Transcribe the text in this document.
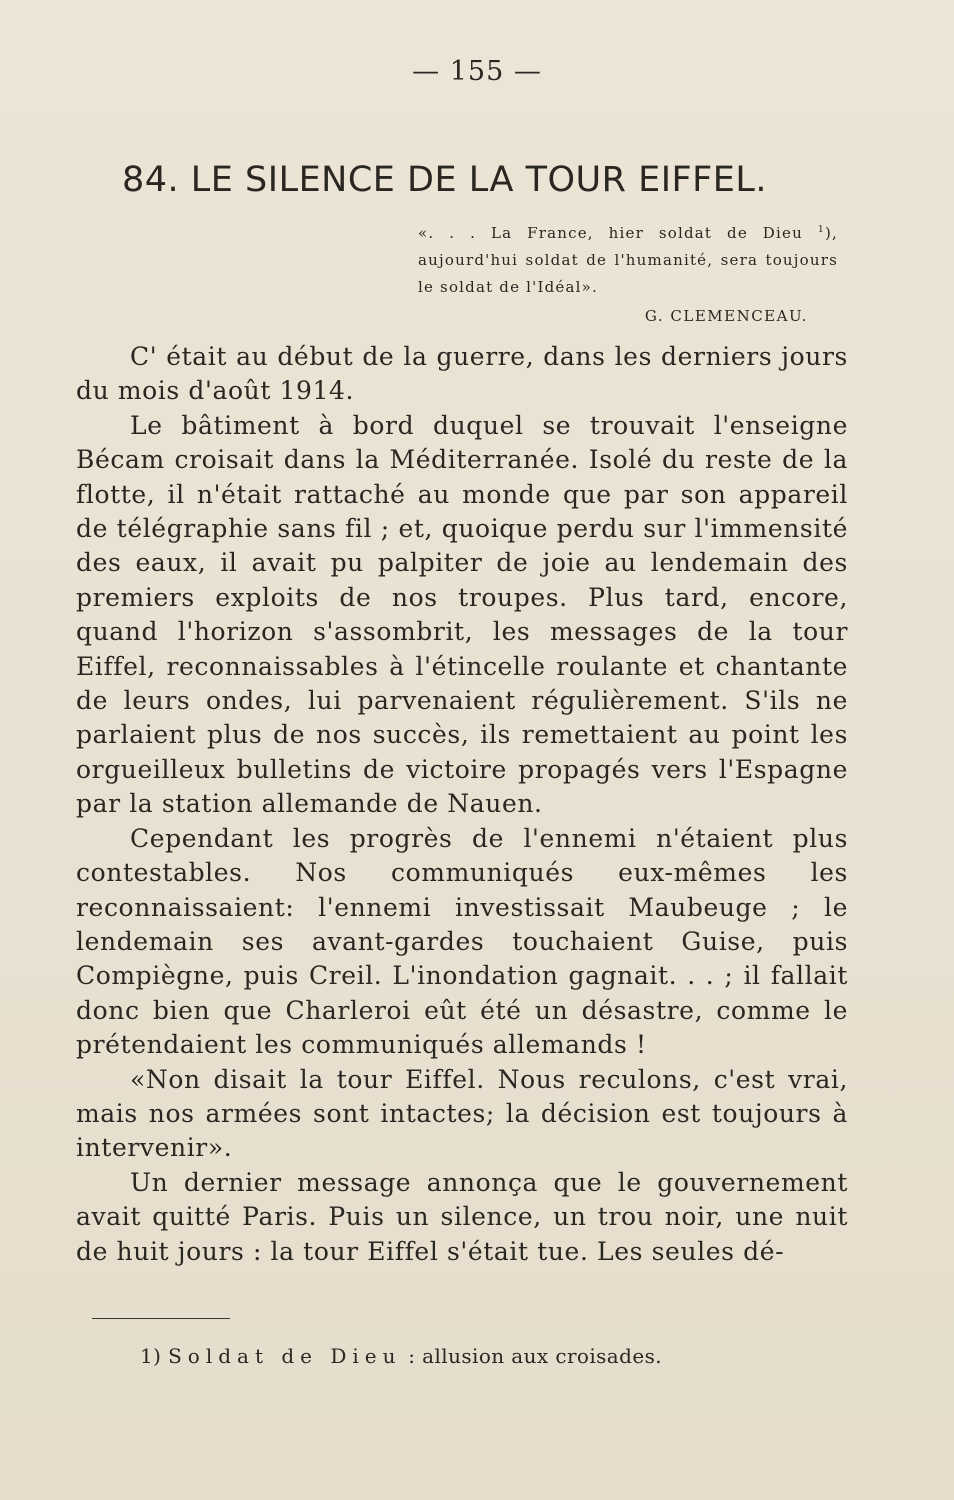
— 155 —
84. LE SILENCE DE LA TOUR EIFFEL.

«. . . La France, hier soldat de Dieu $^1$), aujourd'hui soldat de l'humanité, sera toujours le soldat de l'Idéal».

G. CLEMENCEAU.

C' était au début de la guerre, dans les derniers jours du mois d'août 1914.

Le bâtiment à bord duquel se trouvait l'enseigne Bécam croisait dans la Méditerranée. Isolé du reste de la flotte, il n'était rattaché au monde que par son appareil de télégraphie sans fil ; et, quoique perdu sur l'immensité des eaux, il avait pu palpiter de joie au lendemain des premiers exploits de nos troupes. Plus tard, encore, quand l'horizon s'assombrit, les messages de la tour Eiffel, reconnaissables à l'étincelle roulante et chantante de leurs ondes, lui parvenaient régulièrement. S'ils ne parlaient plus de nos succès, ils remettaient au point les orgueilleux bulletins de victoire propagés vers l'Espagne par la station allemande de Nauen.

Cependant les progrès de l'ennemi n'étaient plus contestables. Nos communiqués eux-mêmes les reconnaissaient: l'ennemi investissait Maubeuge ; le lendemain ses avant-gardes touchaient Guise, puis Compiègne, puis Creil. L'inondation gagnait. . . ; il fallait donc bien que Charleroi eût été un désastre, comme le prétendaient les communiqués allemands !

«Non disait la tour Eiffel. Nous reculons, c'est vrai, mais nos armées sont intactes; la décision est toujours à intervenir».

Un dernier message annonça que le gouvernement avait quitté Paris. Puis un silence, un trou noir, une nuit de huit jours : la tour Eiffel s'était tue. Les seules dé-

1) Soldat de Dieu : allusion aux croisades.
